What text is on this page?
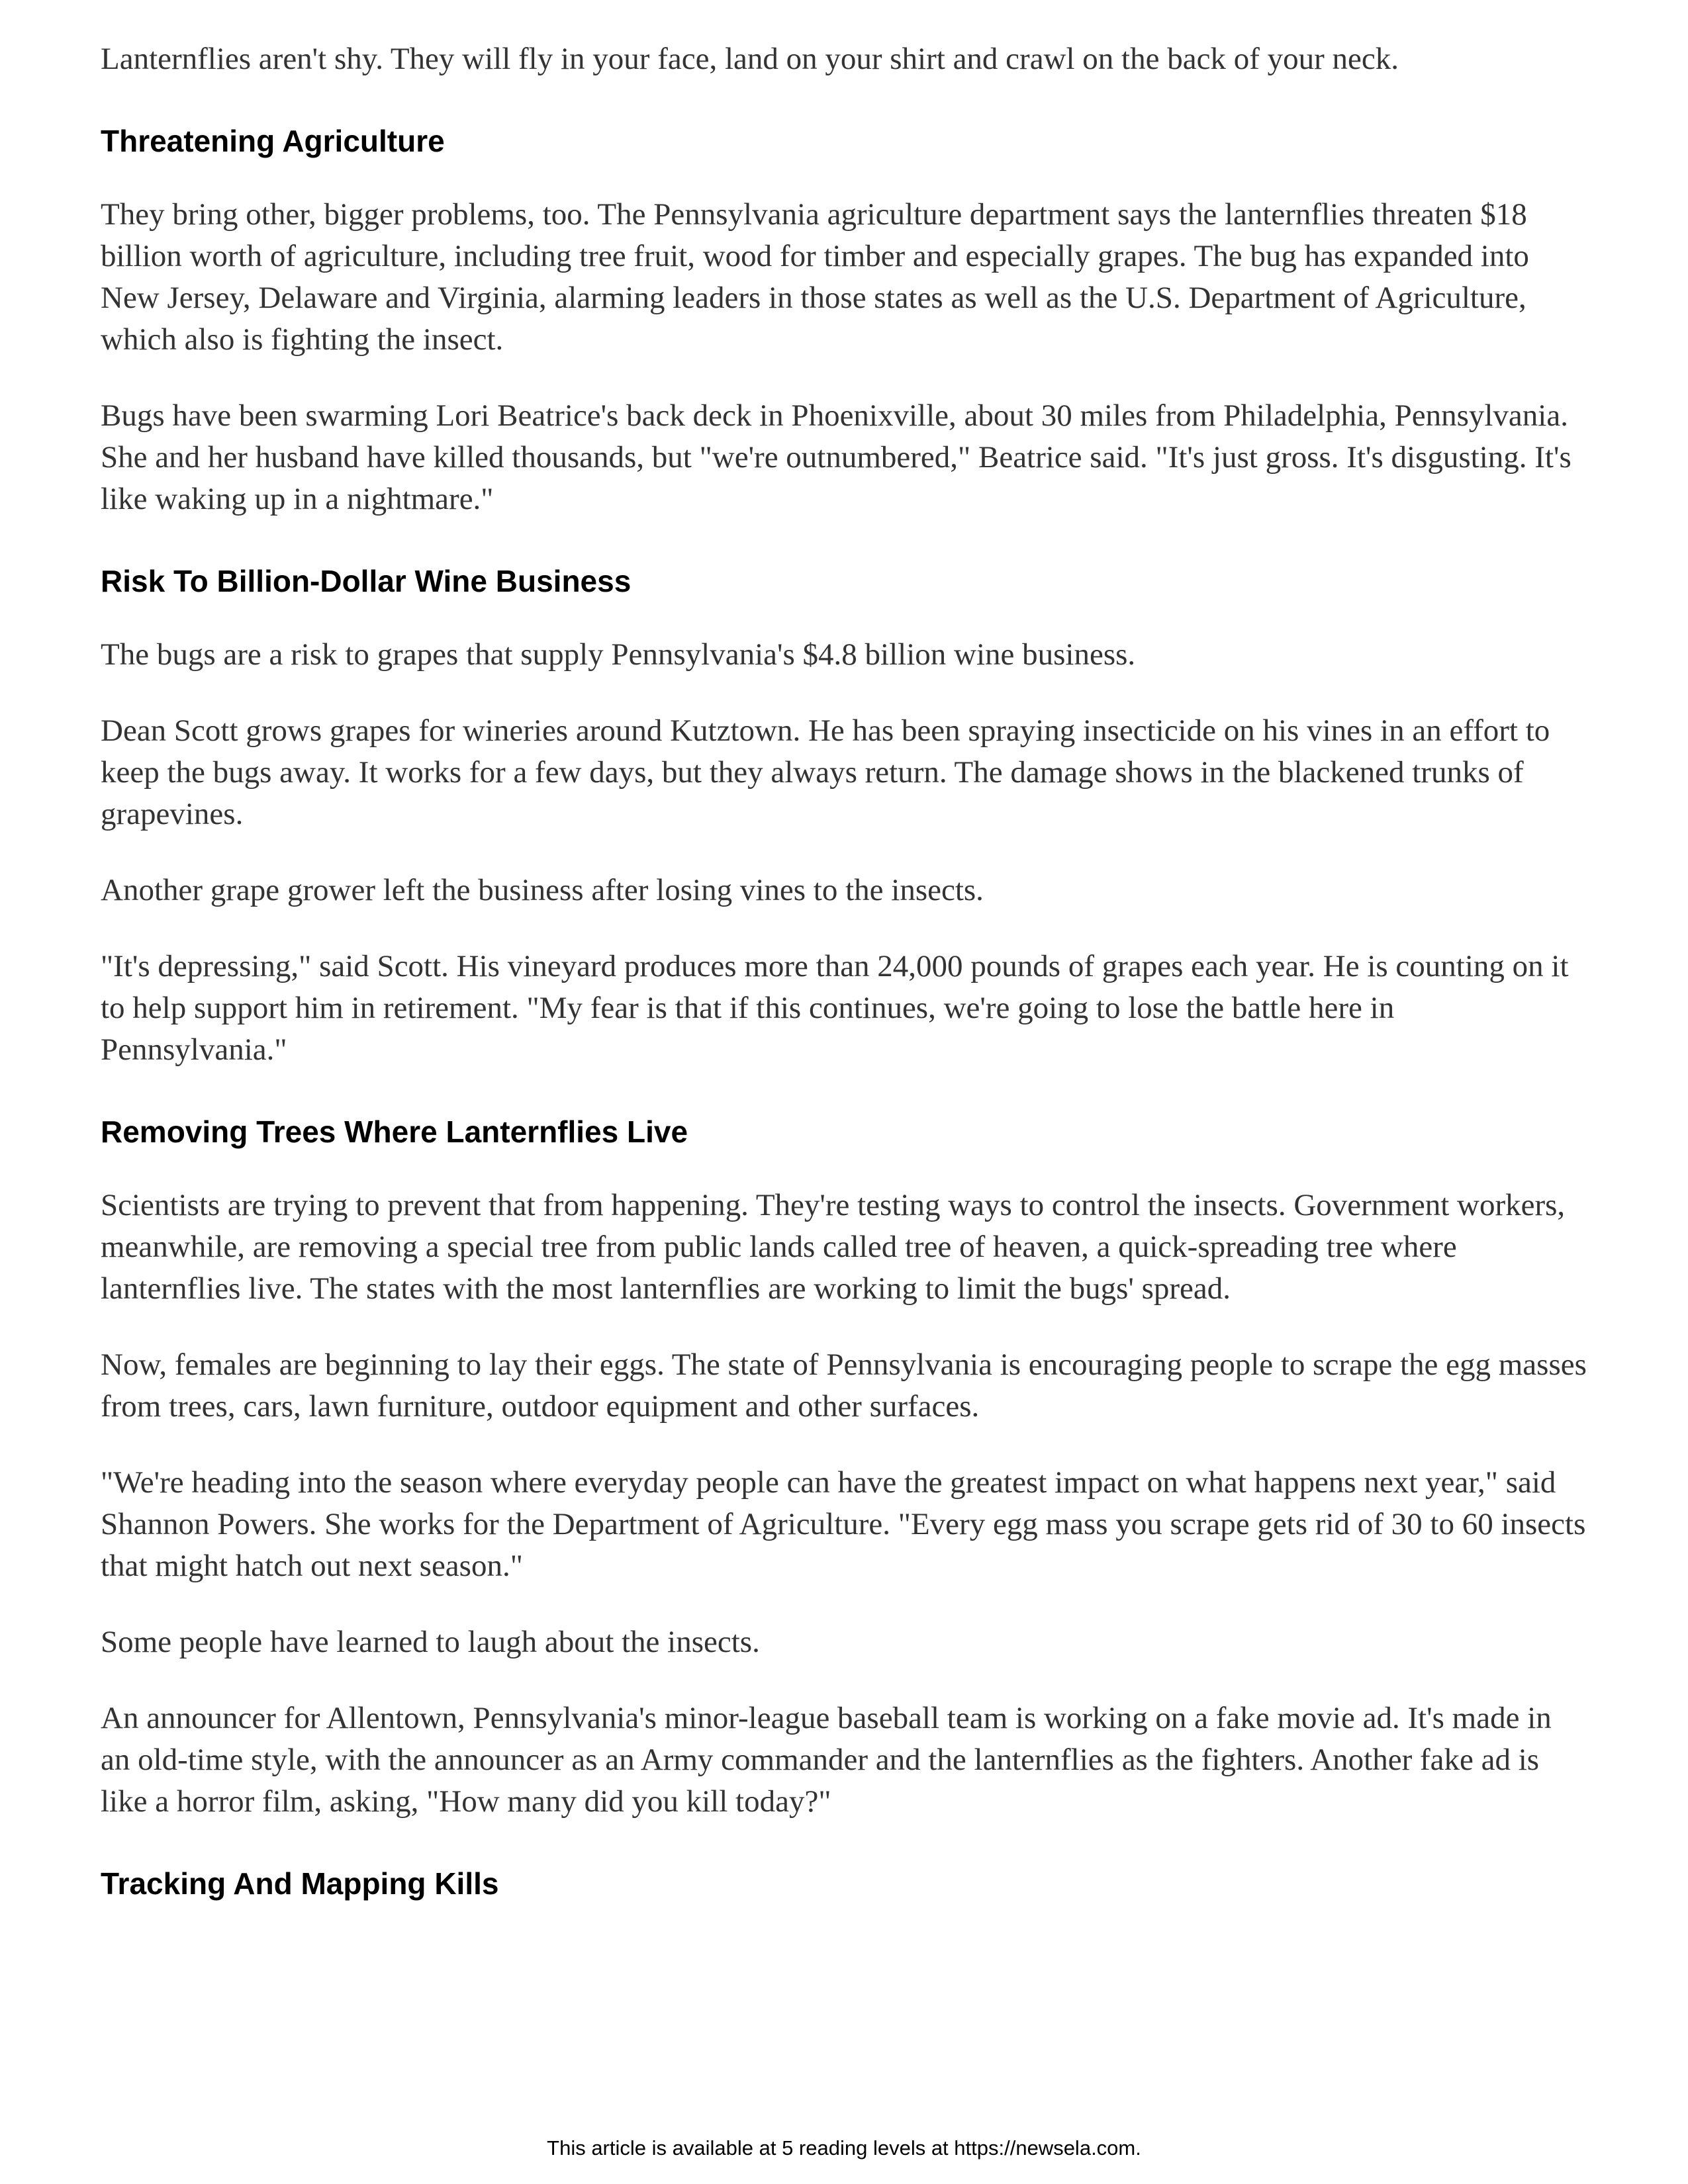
Lanternflies aren't shy. They will fly in your face, land on your shirt and crawl on the back of your neck.

Threatening Agriculture

They bring other, bigger problems, too. The Pennsylvania agriculture department says the lanternflies threaten $18 billion worth of agriculture, including tree fruit, wood for timber and especially grapes. The bug has expanded into New Jersey, Delaware and Virginia, alarming leaders in those states as well as the U.S. Department of Agriculture, which also is fighting the insect.

Bugs have been swarming Lori Beatrice's back deck in Phoenixville, about 30 miles from Philadelphia, Pennsylvania. She and her husband have killed thousands, but "we're outnumbered," Beatrice said. "It's just gross. It's disgusting. It's like waking up in a nightmare."

Risk To Billion-Dollar Wine Business

The bugs are a risk to grapes that supply Pennsylvania's $4.8 billion wine business.

Dean Scott grows grapes for wineries around Kutztown. He has been spraying insecticide on his vines in an effort to keep the bugs away. It works for a few days, but they always return. The damage shows in the blackened trunks of grapevines.

Another grape grower left the business after losing vines to the insects.

"It's depressing," said Scott. His vineyard produces more than 24,000 pounds of grapes each year. He is counting on it to help support him in retirement. "My fear is that if this continues, we're going to lose the battle here in Pennsylvania."

Removing Trees Where Lanternflies Live

Scientists are trying to prevent that from happening. They're testing ways to control the insects. Government workers, meanwhile, are removing a special tree from public lands called tree of heaven, a quick-spreading tree where lanternflies live. The states with the most lanternflies are working to limit the bugs' spread.

Now, females are beginning to lay their eggs. The state of Pennsylvania is encouraging people to scrape the egg masses from trees, cars, lawn furniture, outdoor equipment and other surfaces.

"We're heading into the season where everyday people can have the greatest impact on what happens next year," said Shannon Powers. She works for the Department of Agriculture. "Every egg mass you scrape gets rid of 30 to 60 insects that might hatch out next season."

Some people have learned to laugh about the insects.

An announcer for Allentown, Pennsylvania's minor-league baseball team is working on a fake movie ad. It's made in an old-time style, with the announcer as an Army commander and the lanternflies as the fighters. Another fake ad is like a horror film, asking, "How many did you kill today?"

Tracking And Mapping Kills
This article is available at 5 reading levels at https://newsela.com.
